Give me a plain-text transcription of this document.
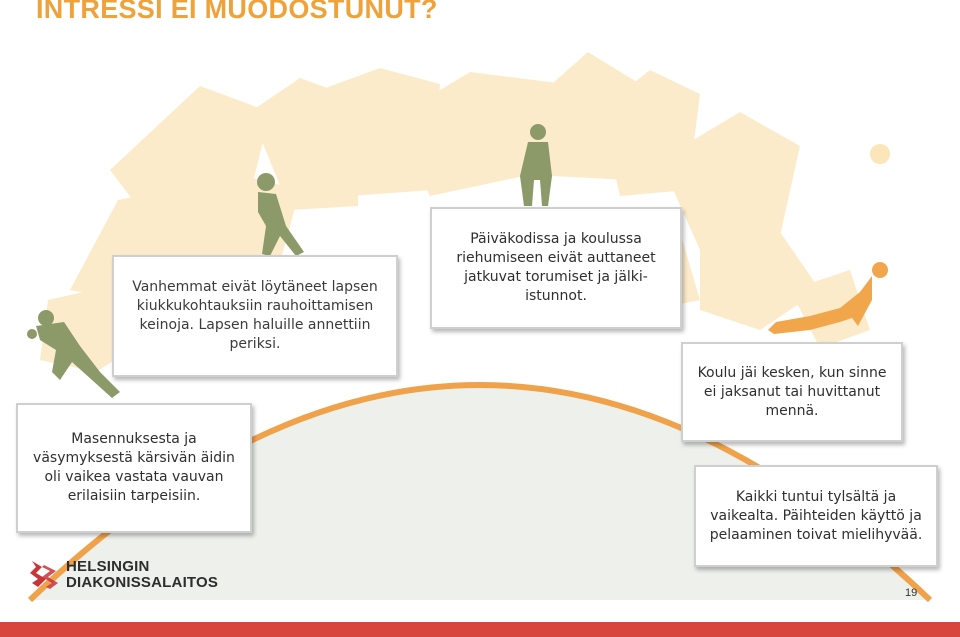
INTRESSI EI MUODOSTUNUT?

Vanhemmat eivät löytäneet lapsen kiukkukohtauksiin rauhoittamisen keinoja. Lapsen haluille annettiin periksi.

Päiväkodissa ja koulussa riehumiseen eivät auttaneet jatkuvat torumiset ja jälki-istunnot.

Masennuksesta ja väsymyksestä kärsivän äidin oli vaikea vastata vauvan erilaisiin tarpeisiin.

Koulu jäi kesken, kun sinne ei jaksanut tai huvittanut mennä.

Kaikki tuntui tylsältä ja vaikealta. Päihteiden käyttö ja pelaaminen toivat mielihyvää.

HELSINGIN
DIAKONISSALAITOS
19
